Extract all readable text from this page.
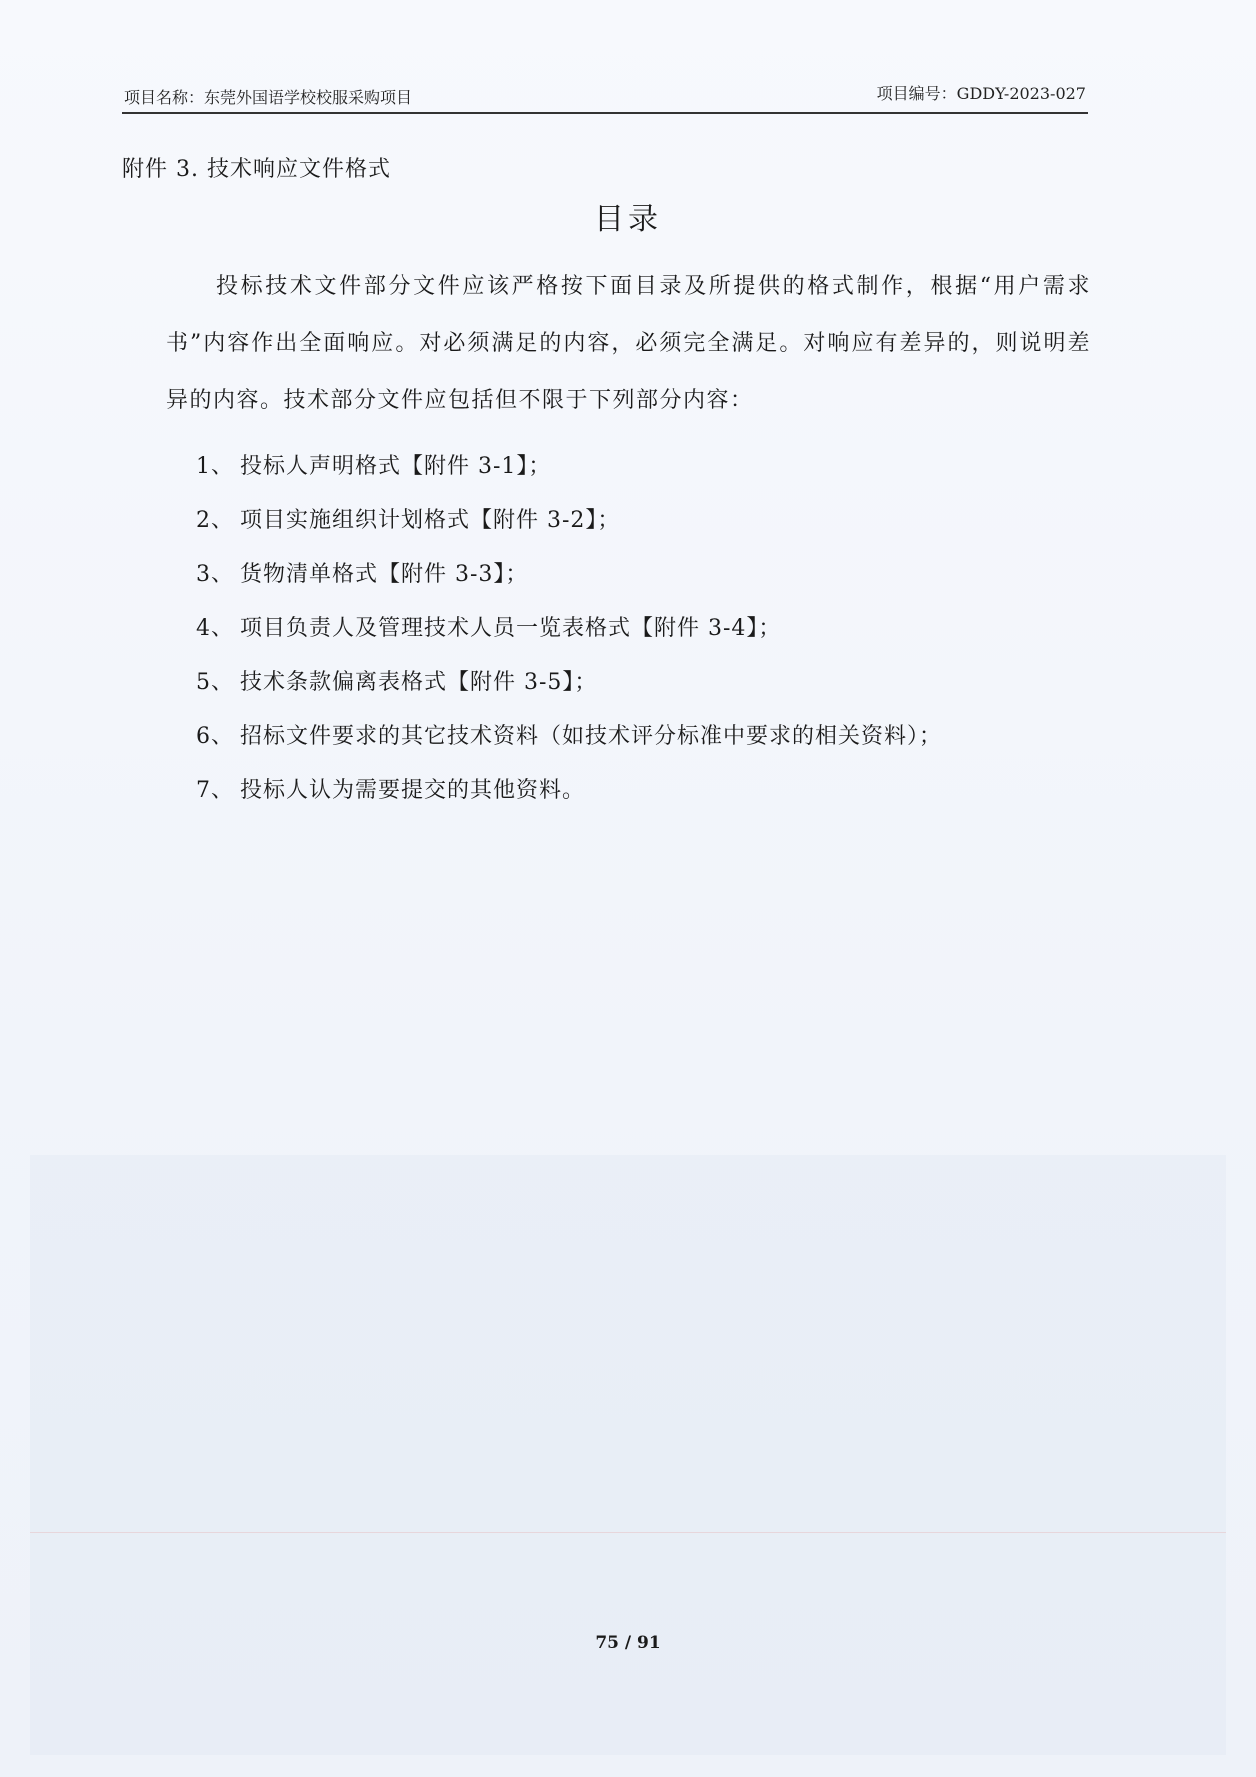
项目名称：东莞外国语学校校服采购项目	项目编号：GDDY-2023-027
附件 3. 技术响应文件格式
目录
投标技术文件部分文件应该严格按下面目录及所提供的格式制作，根据“用户需求书”内容作出全面响应。对必须满足的内容，必须完全满足。对响应有差异的，则说明差异的内容。技术部分文件应包括但不限于下列部分内容：
1、 投标人声明格式【附件 3-1】；
2、 项目实施组织计划格式【附件 3-2】；
3、 货物清单格式【附件 3-3】；
4、 项目负责人及管理技术人员一览表格式【附件 3-4】；
5、 技术条款偏离表格式【附件 3-5】；
6、 招标文件要求的其它技术资料（如技术评分标准中要求的相关资料）；
7、 投标人认为需要提交的其他资料。
75 / 91
